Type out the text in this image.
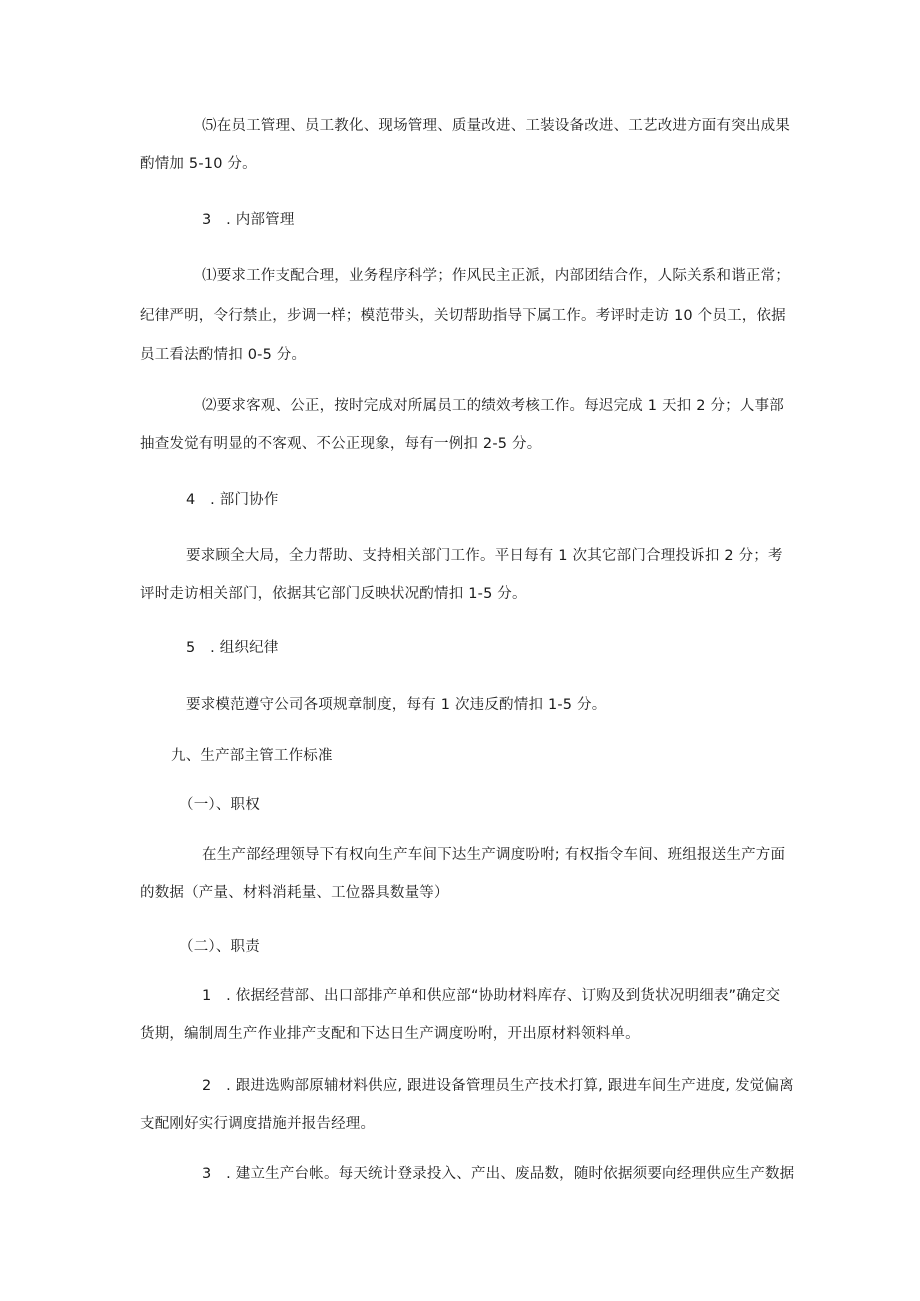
⑸在员工管理、员工教化、现场管理、质量改进、工装设备改进、工艺改进方面有突出成果
酌情加 5-10 分。
3　. 内部管理
⑴要求工作支配合理，业务程序科学；作风民主正派，内部团结合作，人际关系和谐正常；
纪律严明，令行禁止，步调一样；模范带头，关切帮助指导下属工作。考评时走访 10 个员工，依据
员工看法酌情扣 0-5 分。
⑵要求客观、公正，按时完成对所属员工的绩效考核工作。每迟完成 1 天扣 2 分；人事部
抽查发觉有明显的不客观、不公正现象，每有一例扣 2-5 分。
4　. 部门协作
要求顾全大局，全力帮助、支持相关部门工作。平日每有 1 次其它部门合理投诉扣 2 分；考
评时走访相关部门，依据其它部门反映状况酌情扣 1-5 分。
5　. 组织纪律
要求模范遵守公司各项规章制度，每有 1 次违反酌情扣 1-5 分。
九、生产部主管工作标准
（一）、职权
在生产部经理领导下有权向生产车间下达生产调度吩咐; 有权指令车间、班组报送生产方面
的数据（产量、材料消耗量、工位器具数量等）
（二）、职责
1　. 依据经营部、出口部排产单和供应部“协助材料库存、订购及到货状况明细表”确定交
货期，编制周生产作业排产支配和下达日生产调度吩咐，开出原材料领料单。
2　. 跟进选购部原辅材料供应, 跟进设备管理员生产技术打算, 跟进车间生产进度, 发觉偏离
支配刚好实行调度措施并报告经理。
3　. 建立生产台帐。每天统计登录投入、产出、废品数，随时依据须要向经理供应生产数据
